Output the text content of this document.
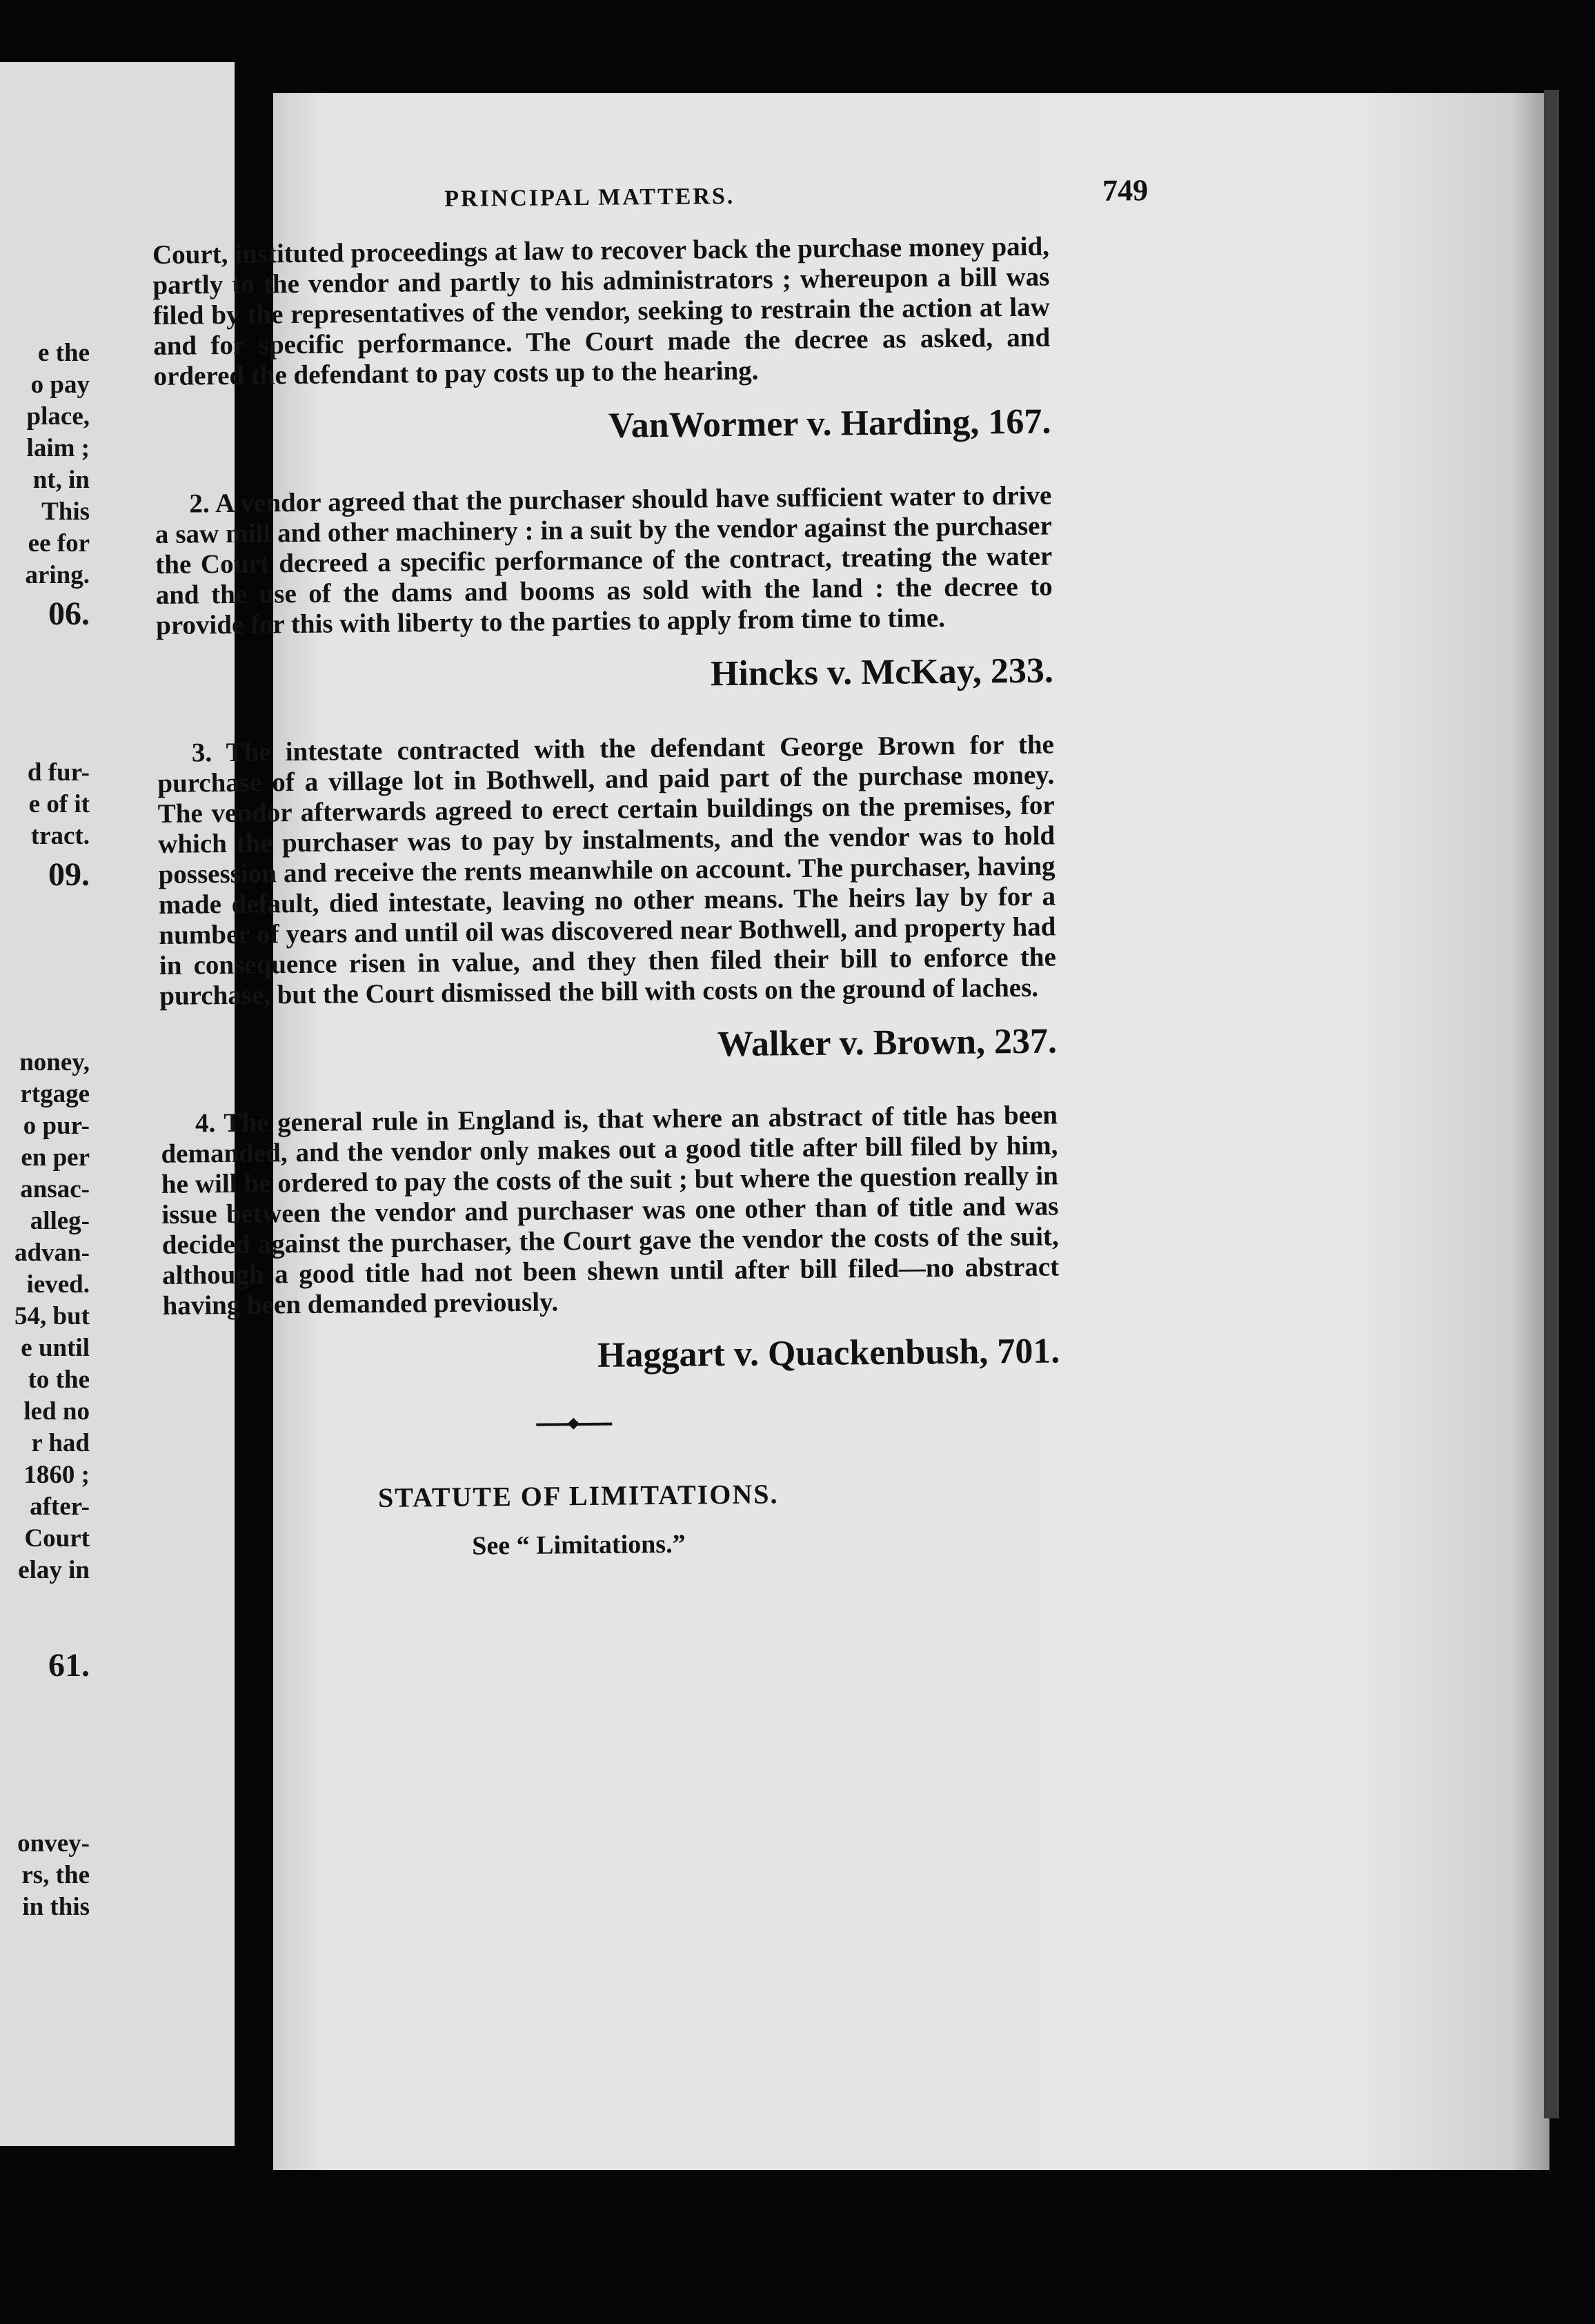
e the
o pay
place,
laim ;
nt, in
This
ee for
aring.
06.
d fur-
e of it
tract.
09.
noney,
rtgage
o pur-
en per
ansac-
alleg-
advan-
ieved.
54, but
e until
to the
led no
r had
1860 ;
after-
Court
elay in
61.
onvey-
rs, the
in this
PRINCIPAL MATTERS.	749

Court, instituted proceedings at law to recover back the purchase money paid, partly to the vendor and partly to his administrators ; whereupon a bill was filed by the representatives of the vendor, seeking to restrain the action at law and for specific performance. The Court made the decree as asked, and ordered the defendant to pay costs up to the hearing.

VanWormer v. Harding, 167.

2. A vendor agreed that the purchaser should have sufficient water to drive a saw mill and other machinery : in a suit by the vendor against the purchaser the Court decreed a specific performance of the contract, treating the water and the use of the dams and booms as sold with the land : the decree to provide for this with liberty to the parties to apply from time to time.

Hincks v. McKay, 233.

3. The intestate contracted with the defendant George Brown for the purchase of a village lot in Bothwell, and paid part of the purchase money. The vendor afterwards agreed to erect certain buildings on the premises, for which the purchaser was to pay by instalments, and the vendor was to hold possession and receive the rents meanwhile on account. The purchaser, having made default, died intestate, leaving no other means. The heirs lay by for a number of years and until oil was discovered near Bothwell, and property had in consequence risen in value, and they then filed their bill to enforce the purchase, but the Court dismissed the bill with costs on the ground of laches.

Walker v. Brown, 237.

4. The general rule in England is, that where an abstract of title has been demanded, and the vendor only makes out a good title after bill filed by him, he will be ordered to pay the costs of the suit ; but where the question really in issue between the vendor and purchaser was one other than of title and was decided against the purchaser, the Court gave the vendor the costs of the suit, although a good title had not been shewn until after bill filed—no abstract having been demanded previously.

Haggart v. Quackenbush, 701.
STATUTE OF LIMITATIONS.
See “ Limitations.”
